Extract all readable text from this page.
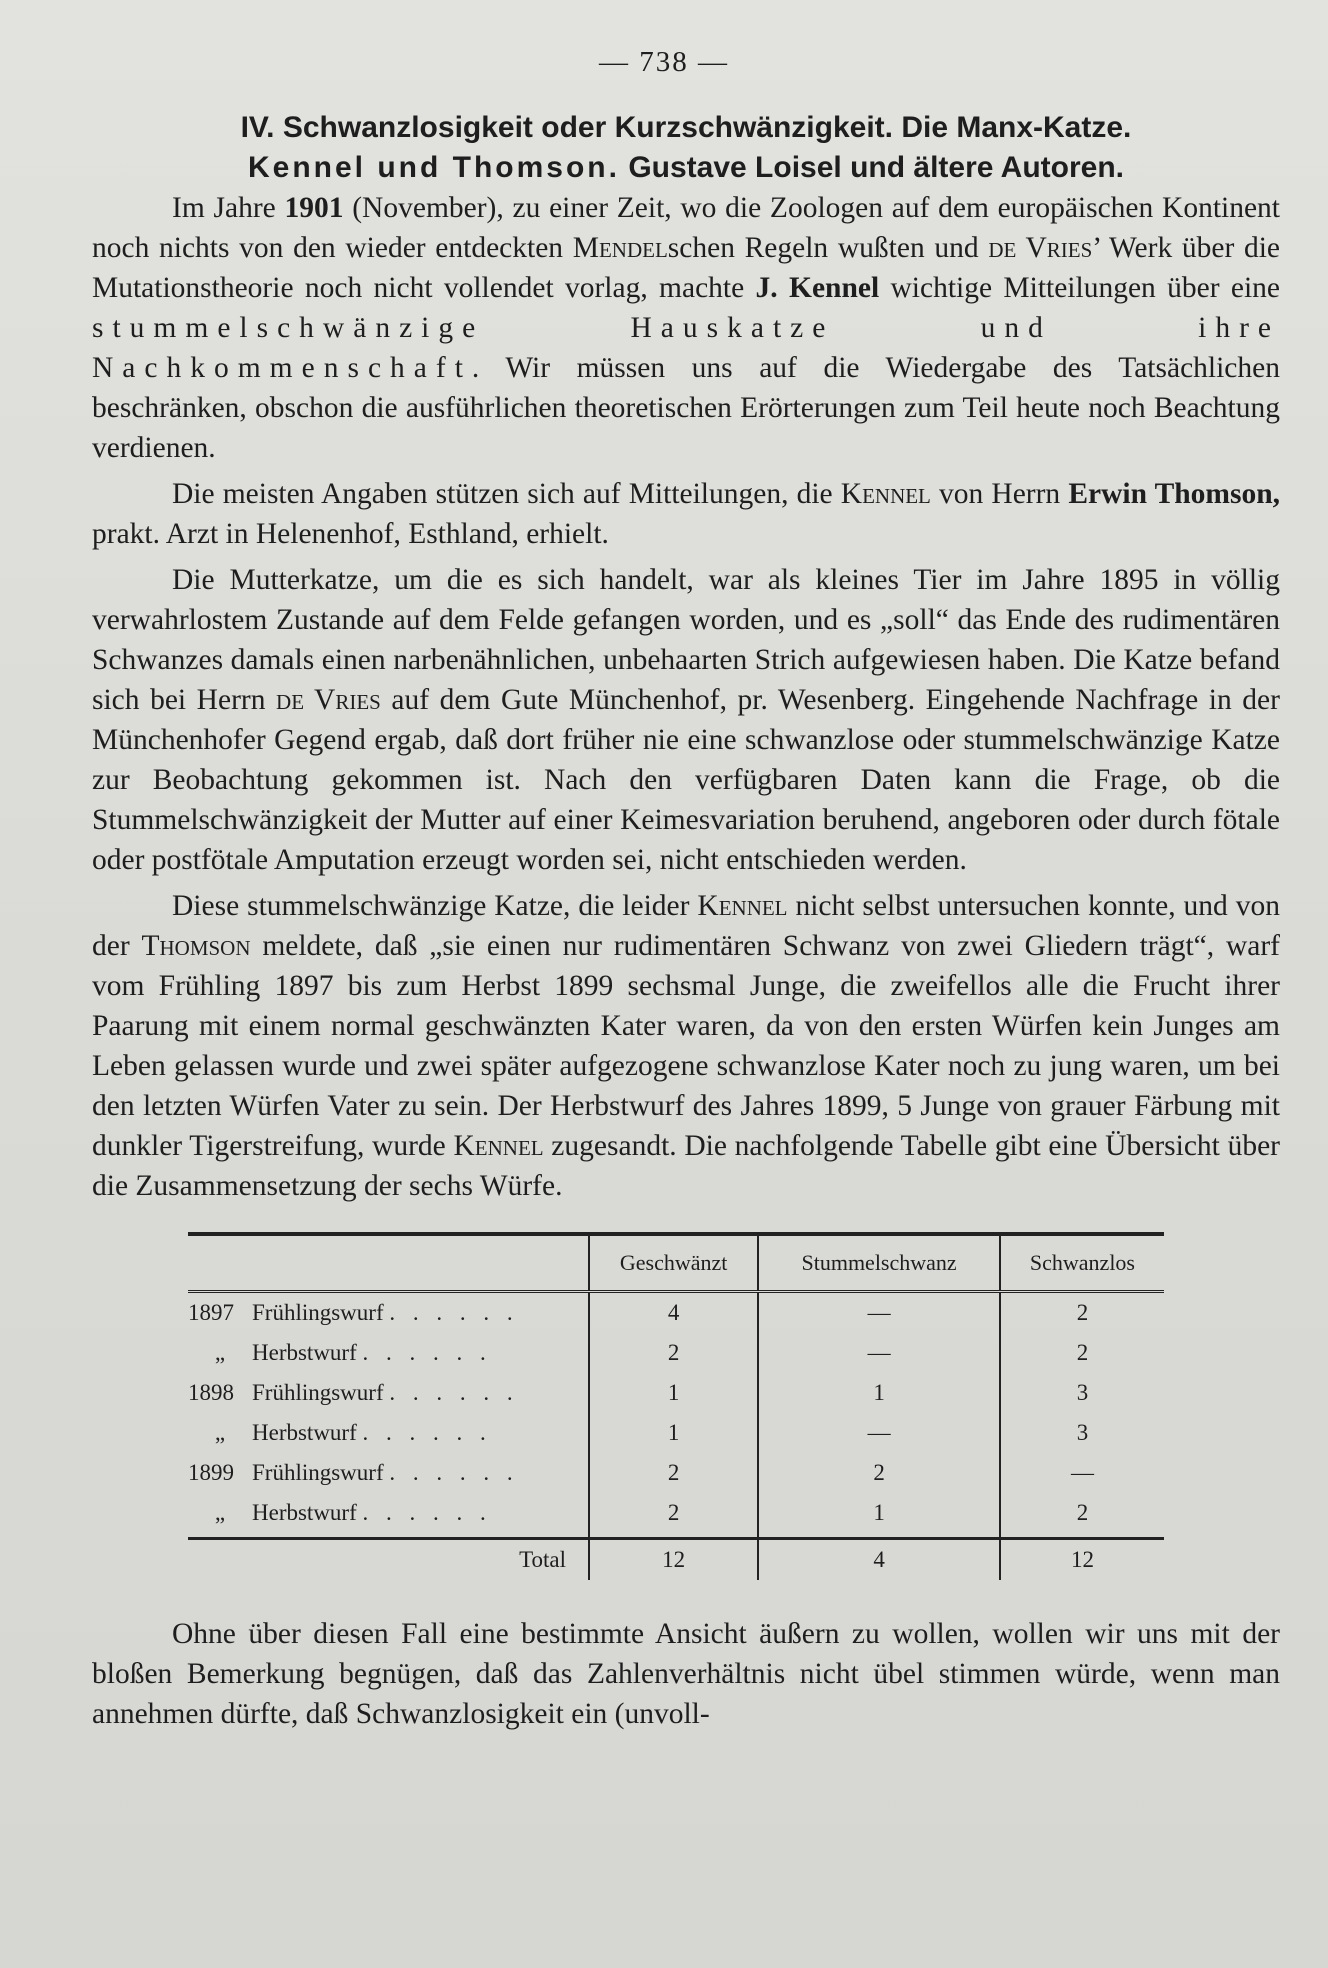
— 738 —
IV. Schwanzlosigkeit oder Kurzschwänzigkeit. Die Manx-Katze.
Kennel und Thomson. Gustave Loisel und ältere Autoren.

Im Jahre 1901 (November), zu einer Zeit, wo die Zoologen auf dem europäischen Kontinent noch nichts von den wieder entdeckten Mendelschen Regeln wußten und de Vries’ Werk über die Mutationstheorie noch nicht vollendet vorlag, machte J. Kennel wichtige Mitteilungen über eine stummelschwänzige Hauskatze und ihre Nachkommenschaft. Wir müssen uns auf die Wiedergabe des Tatsächlichen beschränken, obschon die ausführlichen theoretischen Erörterungen zum Teil heute noch Beachtung verdienen.

Die meisten Angaben stützen sich auf Mitteilungen, die Kennel von Herrn Erwin Thomson, prakt. Arzt in Helenenhof, Esthland, erhielt.

Die Mutterkatze, um die es sich handelt, war als kleines Tier im Jahre 1895 in völlig verwahrlostem Zustande auf dem Felde gefangen worden, und es „soll“ das Ende des rudimentären Schwanzes damals einen narbenähnlichen, unbehaarten Strich aufgewiesen haben. Die Katze befand sich bei Herrn de Vries auf dem Gute Münchenhof, pr. Wesenberg. Eingehende Nachfrage in der Münchenhofer Gegend ergab, daß dort früher nie eine schwanzlose oder stummelschwänzige Katze zur Beobachtung gekommen ist. Nach den verfügbaren Daten kann die Frage, ob die Stummelschwänzigkeit der Mutter auf einer Keimesvariation beruhend, angeboren oder durch fötale oder postfötale Amputation erzeugt worden sei, nicht entschieden werden.

Diese stummelschwänzige Katze, die leider Kennel nicht selbst untersuchen konnte, und von der Thomson meldete, daß „sie einen nur rudimentären Schwanz von zwei Gliedern trägt“, warf vom Frühling 1897 bis zum Herbst 1899 sechsmal Junge, die zweifellos alle die Frucht ihrer Paarung mit einem normal geschwänzten Kater waren, da von den ersten Würfen kein Junges am Leben gelassen wurde und zwei später aufgezogene schwanzlose Kater noch zu jung waren, um bei den letzten Würfen Vater zu sein. Der Herbstwurf des Jahres 1899, 5 Junge von grauer Färbung mit dunkler Tigerstreifung, wurde Kennel zugesandt. Die nachfolgende Tabelle gibt eine Übersicht über die Zusammensetzung der sechs Würfe.

	Geschwänzt	Stummelschwanz	Schwanzlos
1897 Frühlingswurf . . . . . .	4	—	2
„ Herbstwurf . . . . . .	2	—	2
1898 Frühlingswurf . . . . . .	1	1	3
„ Herbstwurf . . . . . .	1	—	3
1899 Frühlingswurf . . . . . .	2	2	—
„ Herbstwurf . . . . . .	2	1	2
Total	12	4	12

Ohne über diesen Fall eine bestimmte Ansicht äußern zu wollen, wollen wir uns mit der bloßen Bemerkung begnügen, daß das Zahlenverhältnis nicht übel stimmen würde, wenn man annehmen dürfte, daß Schwanzlosigkeit ein (unvoll-
